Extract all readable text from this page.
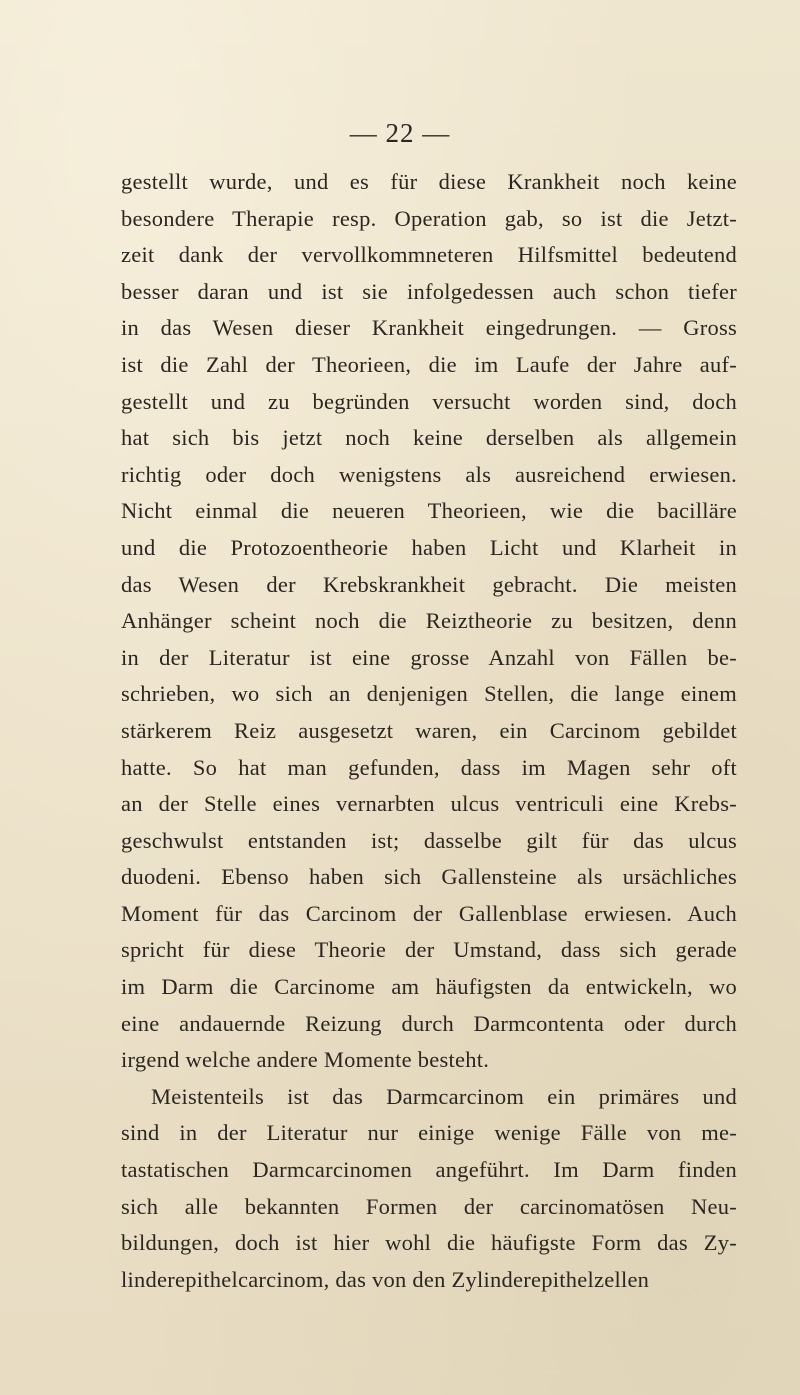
— 22 —
gestellt wurde, und es für diese Krankheit noch keine
besondere Therapie resp. Operation gab, so ist die Jetzt-
zeit dank der vervollkommneteren Hilfsmittel bedeutend
besser daran und ist sie infolgedessen auch schon tiefer
in das Wesen dieser Krankheit eingedrungen. — Gross
ist die Zahl der Theorieen, die im Laufe der Jahre auf-
gestellt und zu begründen versucht worden sind, doch
hat sich bis jetzt noch keine derselben als allgemein
richtig oder doch wenigstens als ausreichend erwiesen.
Nicht einmal die neueren Theorieen, wie die bacilläre
und die Protozoentheorie haben Licht und Klarheit in
das Wesen der Krebskrankheit gebracht. Die meisten
Anhänger scheint noch die Reiztheorie zu besitzen, denn
in der Literatur ist eine grosse Anzahl von Fällen be-
schrieben, wo sich an denjenigen Stellen, die lange einem
stärkerem Reiz ausgesetzt waren, ein Carcinom gebildet
hatte. So hat man gefunden, dass im Magen sehr oft
an der Stelle eines vernarbten ulcus ventriculi eine Krebs-
geschwulst entstanden ist; dasselbe gilt für das ulcus
duodeni. Ebenso haben sich Gallensteine als ursächliches
Moment für das Carcinom der Gallenblase erwiesen. Auch
spricht für diese Theorie der Umstand, dass sich gerade
im Darm die Carcinome am häufigsten da entwickeln, wo
eine andauernde Reizung durch Darmcontenta oder durch
irgend welche andere Momente besteht.
Meistenteils ist das Darmcarcinom ein primäres und
sind in der Literatur nur einige wenige Fälle von me-
tastatischen Darmcarcinomen angeführt. Im Darm finden
sich alle bekannten Formen der carcinomatösen Neu-
bildungen, doch ist hier wohl die häufigste Form das Zy-
linderepithelcarcinom, das von den Zylinderepithelzellen
